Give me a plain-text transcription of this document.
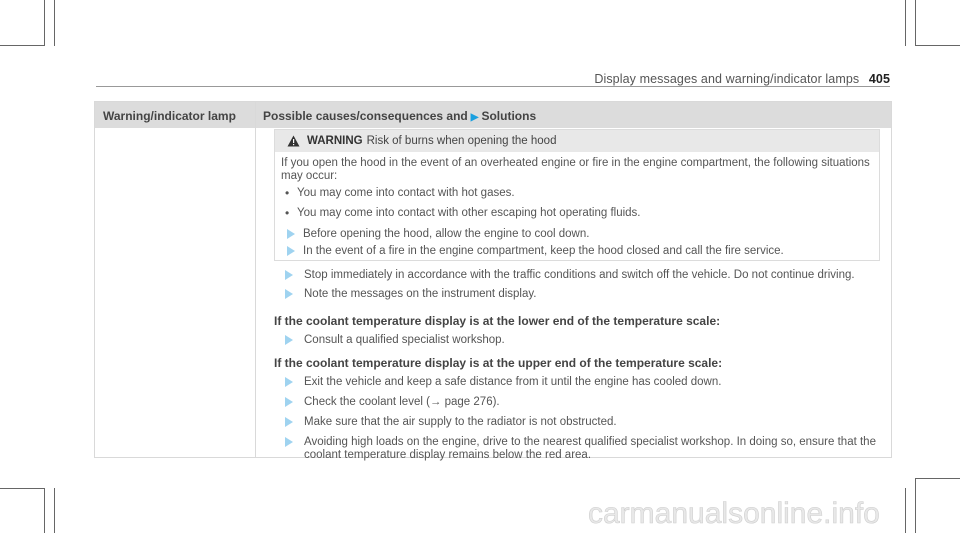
Display messages and warning/indicator lamps 405
Warning/indicator lamp Possible causes/consequences and ▶ Solutions
WARNING Risk of burns when opening the hood
If you open the hood in the event of an overheated engine or fire in the engine compartment, the following situations
may occur:
• You may come into contact with hot gases.
• You may come into contact with other escaping hot operating fluids.
Before opening the hood, allow the engine to cool down.
In the event of a fire in the engine compartment, keep the hood closed and call the fire service.
Stop immediately in accordance with the traffic conditions and switch off the vehicle. Do not continue driving.
Note the messages on the instrument display.
If the coolant temperature display is at the lower end of the temperature scale:
Consult a qualified specialist workshop.
If the coolant temperature display is at the upper end of the temperature scale:
Exit the vehicle and keep a safe distance from it until the engine has cooled down.
Check the coolant level (→ page 276).
Make sure that the air supply to the radiator is not obstructed.
Avoiding high loads on the engine, drive to the nearest qualified specialist workshop. In doing so, ensure that the
coolant temperature display remains below the red area.
carmanualsonline.info
